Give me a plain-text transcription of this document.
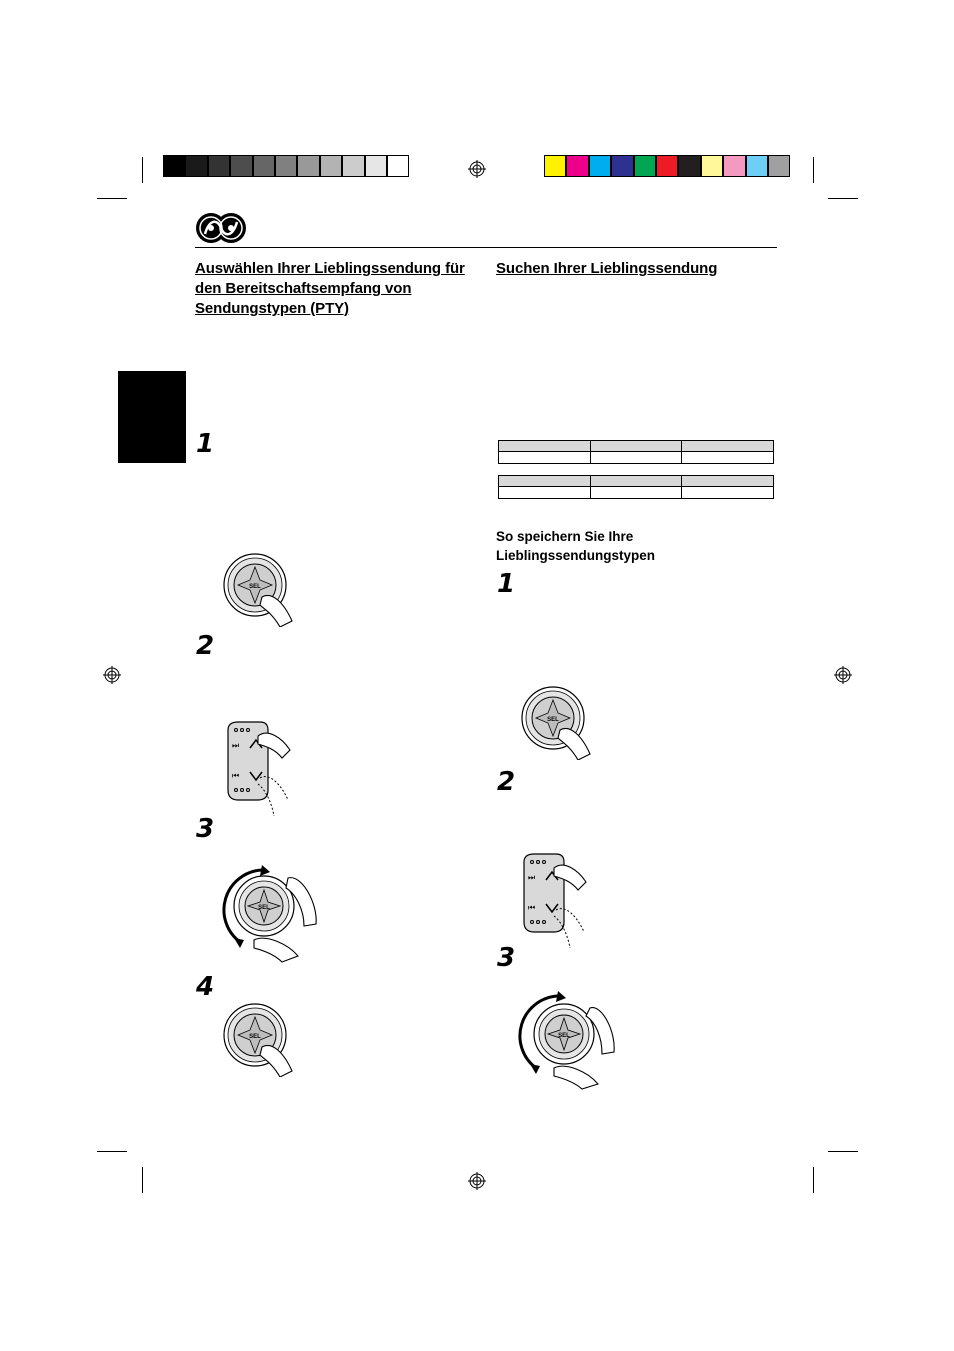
Auswählen Ihrer Lieblingssendung für
den Bereitschaftsempfang von
Sendungstypen (PTY)
1
2
3
4
Suchen Ihrer Lieblingssendung

So speichern Sie Ihre
Lieblingssendungstypen
1
2
3
SEL
⏭
⏮
SEL
SEL
SEL
⏭
⏮
SEL
